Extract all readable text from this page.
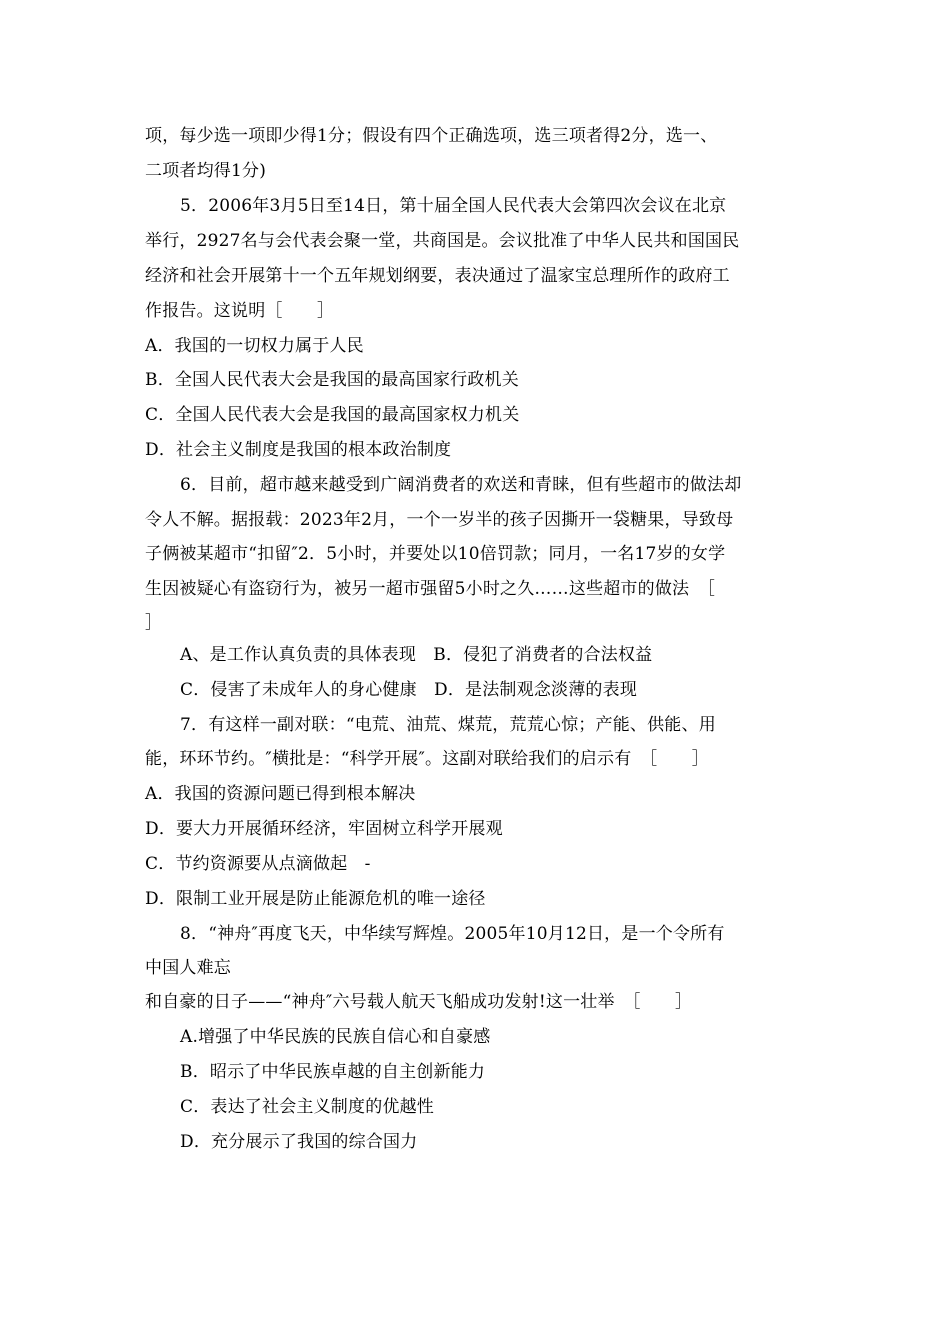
项，每少选一项即少得1分；假设有四个正确选项，选三项者得2分，选一、
二项者均得1分)
5．2006年3月5日至14日，第十届全国人民代表大会第四次会议在北京
举行，2927名与会代表会聚一堂，共商国是。会议批准了中华人民共和国国民
经济和社会开展第十一个五年规划纲要，表决通过了温家宝总理所作的政府工
作报告。这说明［　　］
A．我国的一切权力属于人民
B．全国人民代表大会是我国的最高国家行政机关
C．全国人民代表大会是我国的最高国家权力机关
D．社会主义制度是我国的根本政治制度
6．目前，超市越来越受到广阔消费者的欢送和青睐，但有些超市的做法却
令人不解。据报载：2023年2月，一个一岁半的孩子因撕开一袋糖果，导致母
子俩被某超市“扣留″2．5小时，并要处以10倍罚款；同月，一名17岁的女学
生因被疑心有盗窃行为，被另一超市强留5小时之久……这些超市的做法　［
］
A、是工作认真负责的具体表现　B．侵犯了消费者的合法权益
C．侵害了未成年人的身心健康　D．是法制观念淡薄的表现
7．有这样一副对联：“电荒、油荒、煤荒，荒荒心惊；产能、供能、用
能，环环节约。″横批是：“科学开展″。这副对联给我们的启示有　［　　］
A．我国的资源问题已得到根本解决
D．要大力开展循环经济，牢固树立科学开展观
C．节约资源要从点滴做起　-
D．限制工业开展是防止能源危机的唯一途径
8．“神舟″再度飞天，中华续写辉煌。2005年10月12日，是一个令所有
中国人难忘
和自豪的日子——“神舟″六号载人航天飞船成功发射!这一壮举　［　　］
A.增强了中华民族的民族自信心和自豪感
B．昭示了中华民族卓越的自主创新能力
C．表达了社会主义制度的优越性
D．充分展示了我国的综合国力
